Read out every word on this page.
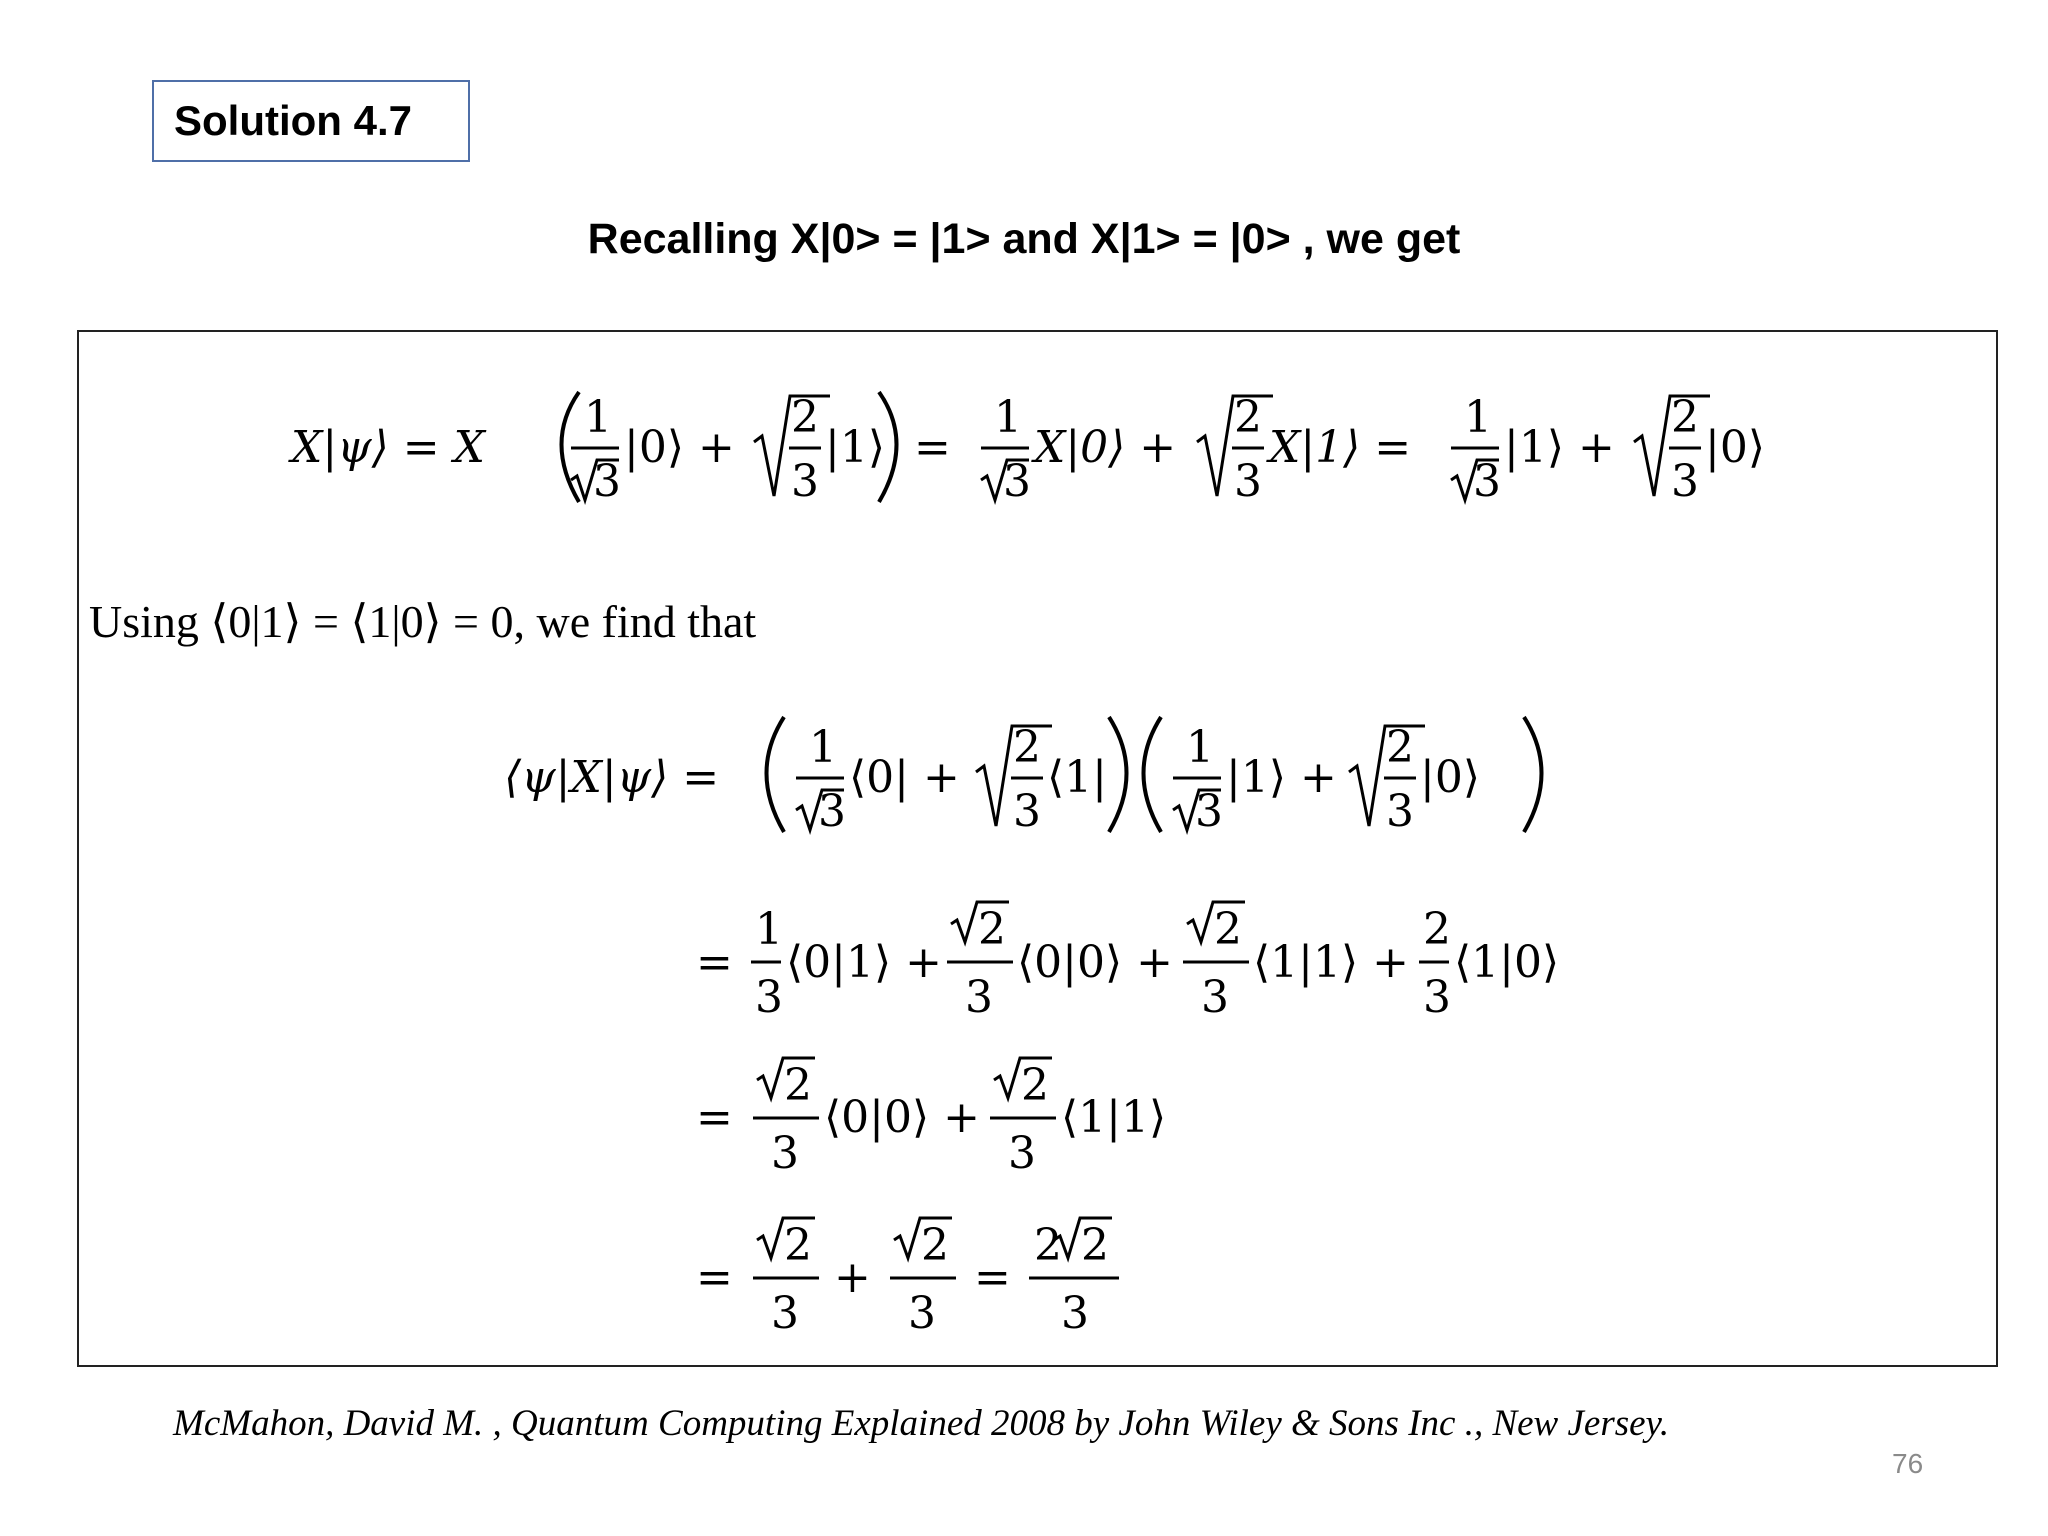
Solution 4.7
Recalling X|0> = |1> and X|1> = |0> , we get
Using ⟨0|1⟩ = ⟨1|0⟩ = 0, we find that
X|ψ⟩ = X
1
3
|0⟩ +
2
3
|1⟩ =
1
3
X|0⟩ +
2
3
X|1⟩ =
1
3
|1⟩ +
2
3
|0⟩
⟨ψ|X|ψ⟩ =
1
3
⟨0| +
2
3
⟨1|
1
3
|1⟩ +
2
3
|0⟩
=
1
3
⟨0|1⟩ +
2
3
⟨0|0⟩ +
2
3
⟨1|1⟩ +
2
3
⟨1|0⟩
=
2
3
⟨0|0⟩ +
2
3
⟨1|1⟩
=
2
3
+
2
3
=
2 2
3
McMahon, David M. , Quantum Computing Explained 2008 by John Wiley & Sons Inc ., New Jersey.
76
